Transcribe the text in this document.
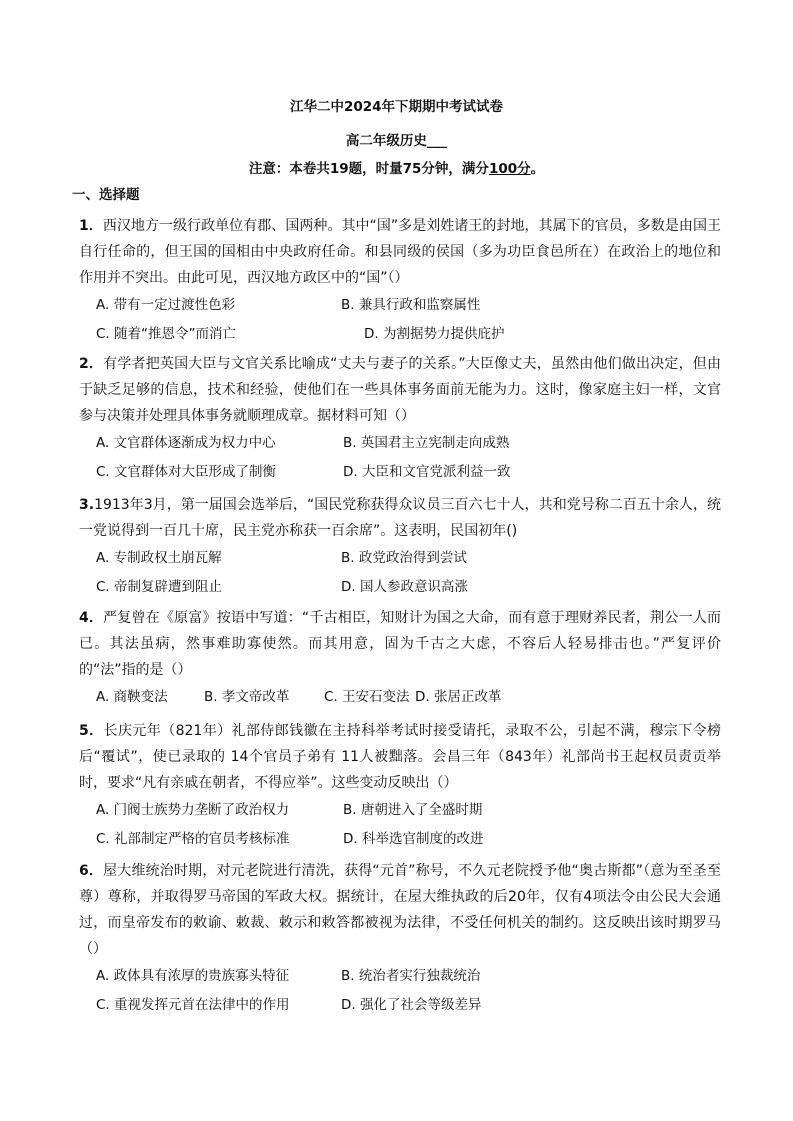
江华二中2024年下期期中考试试卷
高二年级历史___
注意：本卷共19题，时量75分钟，满分100分。
一、选择题

1．西汉地方一级行政单位有郡、国两种。其中“国”多是刘姓诸王的封地，其属下的官员，多数是由国王自行任命的，但王国的国相由中央政府任命。和县同级的侯国（多为功臣食邑所在）在政治上的地位和作用并不突出。由此可见，西汉地方政区中的“国”（）

A. 带有一定过渡性色彩	B. 兼具行政和监察属性
C. 随着“推恩令”而消亡	D. 为割据势力提供庇护

2．有学者把英国大臣与文官关系比喻成“丈夫与妻子的关系。”大臣像丈夫，虽然由他们做出决定，但由于缺乏足够的信息，技术和经验，使他们在一些具体事务面前无能为力。这时，像家庭主妇一样，文官参与决策并处理具体事务就顺理成章。据材料可知（）

A. 文官群体逐渐成为权力中心	B. 英国君主立宪制走向成熟
C. 文官群体对大臣形成了制衡	D. 大臣和文官党派利益一致

3.1913年3月，第一届国会选举后，“国民党称获得众议员三百六七十人，共和党号称二百五十余人，统一党说得到一百几十席，民主党亦称获一百余席”。这表明，民国初年()

A. 专制政权土崩瓦解	B. 政党政治得到尝试
C. 帝制复辟遭到阻止	D. 国人参政意识高涨

4．严复曾在《原富》按语中写道：“千古相臣，知财计为国之大命，而有意于理财养民者，荆公一人而已。其法虽病，然事难助寡使然。而其用意，固为千古之大虑，不容后人轻易排击也。”严复评价的“法”指的是（）

A. 商鞅变法	B. 孝文帝改革	C. 王安石变法 D. 张居正改革

5．长庆元年（821年）礼部侍郎钱徽在主持科举考试时接受请托，录取不公，引起不满，穆宗下令榜后“覆试”，使已录取的 14个官员子弟有 11人被黜落。会昌三年（843年）礼部尚书王起权员责贡举时，要求“凡有亲戚在朝者，不得应举”。这些变动反映出（）

A. 门阀士族势力垄断了政治权力	B. 唐朝进入了全盛时期
C. 礼部制定严格的官员考核标准	D. 科举选官制度的改进

6．屋大维统治时期，对元老院进行清洗，获得“元首”称号，不久元老院授予他“奥古斯都”（意为至圣至尊）尊称，并取得罗马帝国的军政大权。据统计，在屋大维执政的后20年，仅有4项法令由公民大会通过，而皇帝发布的敕谕、敕裁、敕示和敕答都被视为法律，不受任何机关的制约。这反映出该时期罗马（）

A. 政体具有浓厚的贵族寡头特征	B. 统治者实行独裁统治
C. 重视发挥元首在法律中的作用	D. 强化了社会等级差异
